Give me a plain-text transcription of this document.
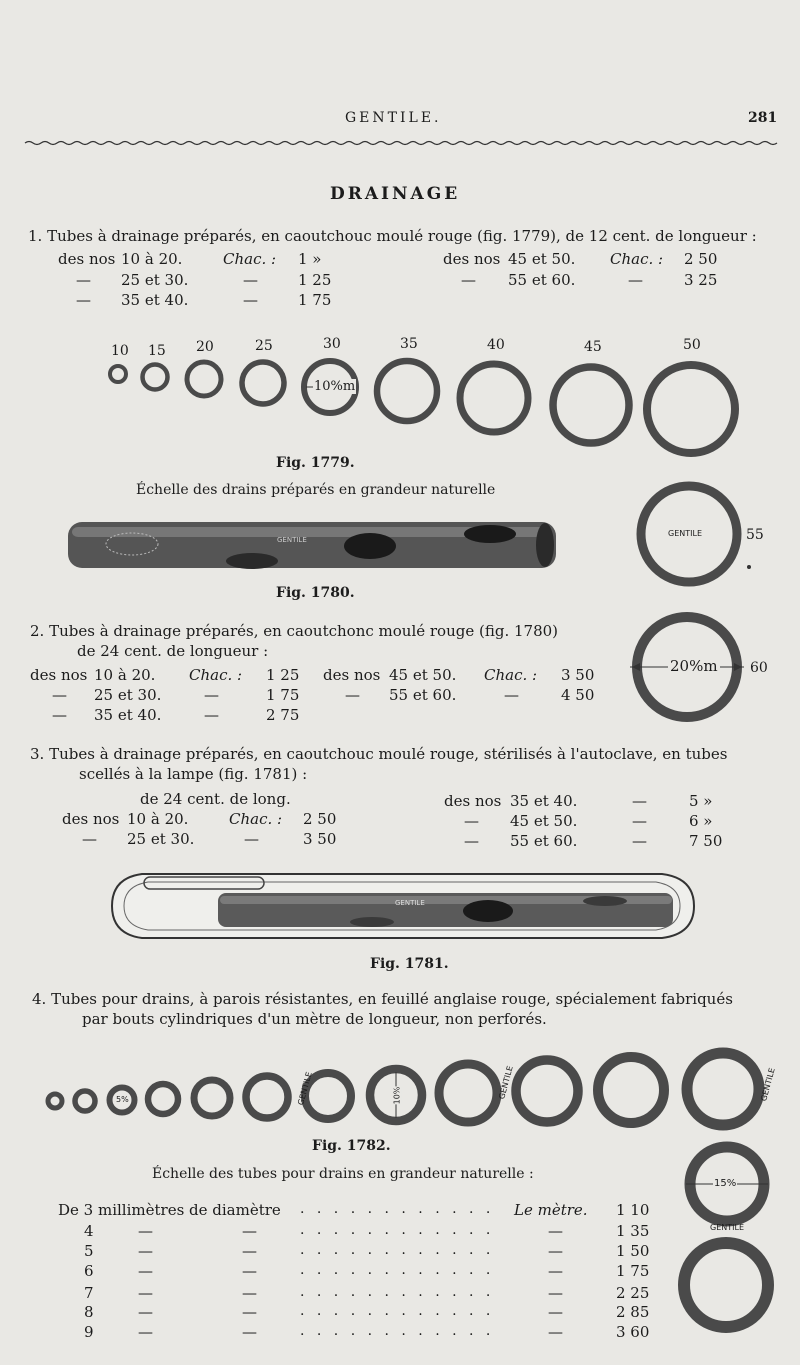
GENTILE.	281
DRAINAGE
1. Tubes à drainage préparés, en caoutchouc moulé rouge (fig. 1779), de 12 cent. de longueur :
des nos 10 à 20.	Chac. : 1 »
— 25 et 30.	—	1 25
— 35 et 40.	—	1 75
des nos 45 et 50. Chac. : 2 50
— 55 et 60.	—	3 25
10 15 20	25	30	35	40	45	50
10%m
Fig. 1779.
Échelle des drains préparés en grandeur naturelle
GENTILE	55
20%m 60
GENTILE
Fig. 1780.
2. Tubes à drainage préparés, en caoutchonc moulé rouge (fig. 1780)
de 24 cent. de longueur :
des nos 10 à 20. Chac. : 1 25 des nos 45 et 50. Chac. : 3 50
— 25 et 30.	—	1 75	— 55 et 60.	—	4 50
— 35 et 40.	—	2 75
3. Tubes à drainage préparés, en caoutchouc moulé rouge, stérilisés à l'autoclave, en tubes
scellés à la lampe (fig. 1781) :
de 24 cent. de long.
des nos 10 à 20.	Chac. : 2 50
— 25 et 30.	—	3 50
des nos 35 et 40.	—	5 »
— 45 et 50.	—	6 »
— 55 et 60.	—	7 50
GENTILE
Fig. 1781.
4. Tubes pour drains, à parois résistantes, en feuillé anglaise rouge, spécialement fabriqués
par bouts cylindriques d'un mètre de longueur, non perforés.
5%	GENTILE	10%	GENTILE	GENTILE
15%
GENTILE
Fig. 1782.
Échelle des tubes pour drains en grandeur naturelle :
De 3 millimètres de diamètre . . . . . . . . . . . . Le mètre. 1 10
4	—	—	. . . . . . . . . . . .	—	1 35
5	—	—	. . . . . . . . . . . .	—	1 50
6	—	—	. . . . . . . . . . . .	—	1 75
7	—	—	. . . . . . . . . . . .	—	2 25
8	—	—	. . . . . . . . . . . .	—	2 85
9	—	—	. . . . . . . . . . . .	—	3 60
